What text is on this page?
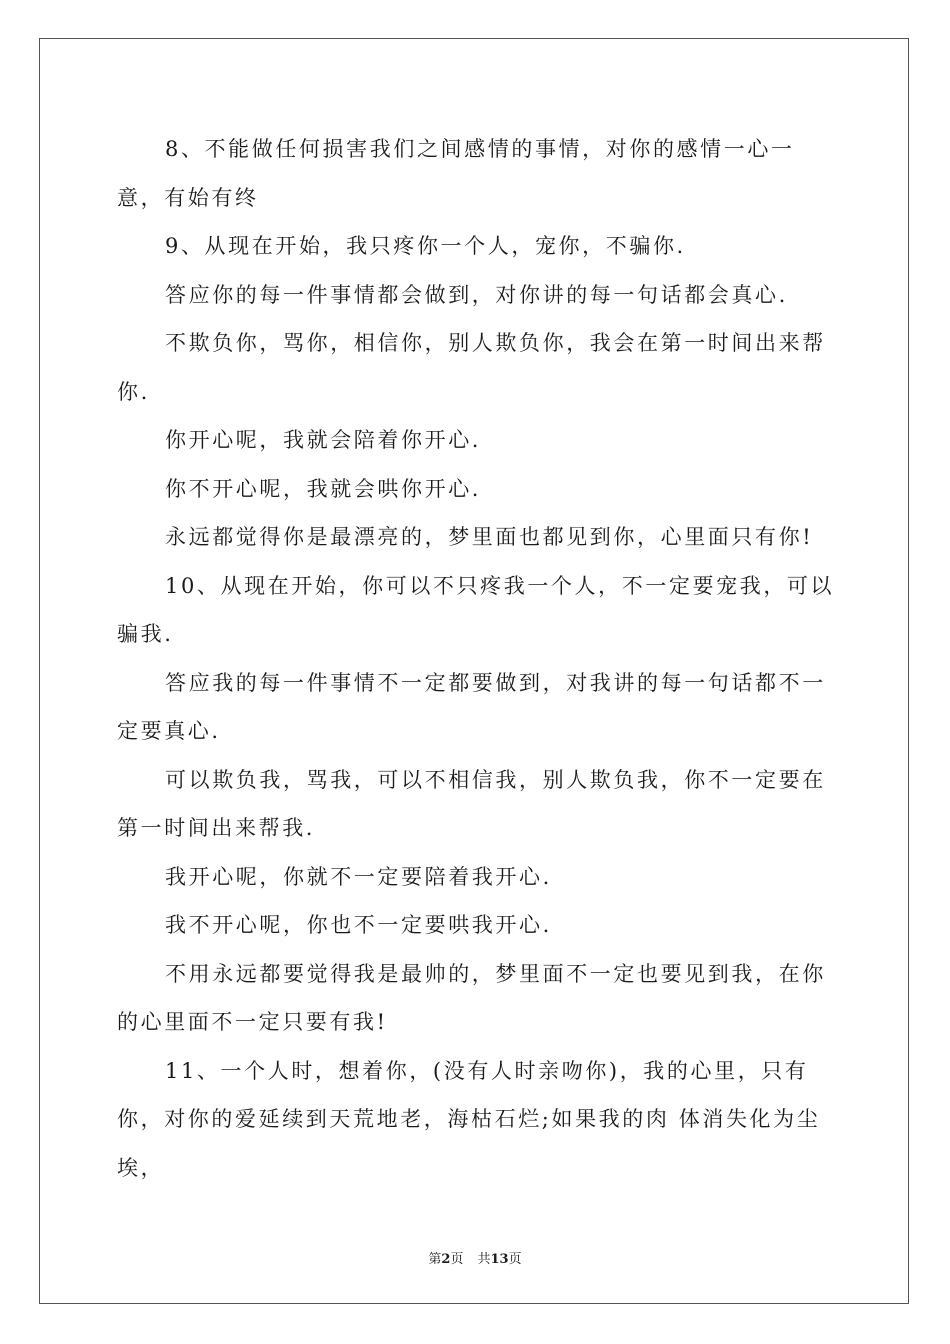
8、不能做任何损害我们之间感情的事情，对你的感情一心一意，有始有终

9、从现在开始，我只疼你一个人，宠你，不骗你.

答应你的每一件事情都会做到，对你讲的每一句话都会真心.

不欺负你，骂你，相信你，别人欺负你，我会在第一时间出来帮你.

你开心呢，我就会陪着你开心.

你不开心呢，我就会哄你开心.

永远都觉得你是最漂亮的，梦里面也都见到你，心里面只有你!

10、从现在开始，你可以不只疼我一个人，不一定要宠我，可以骗我.

答应我的每一件事情不一定都要做到，对我讲的每一句话都不一定要真心.

可以欺负我，骂我，可以不相信我，别人欺负我，你不一定要在第一时间出来帮我.

我开心呢，你就不一定要陪着我开心.

我不开心呢，你也不一定要哄我开心.

不用永远都要觉得我是最帅的，梦里面不一定也要见到我，在你的心里面不一定只要有我!

11、一个人时，想着你，(没有人时亲吻你)，我的心里，只有你，对你的爱延续到天荒地老，海枯石烂;如果我的肉 体消失化为尘埃，

第2页 共13页
